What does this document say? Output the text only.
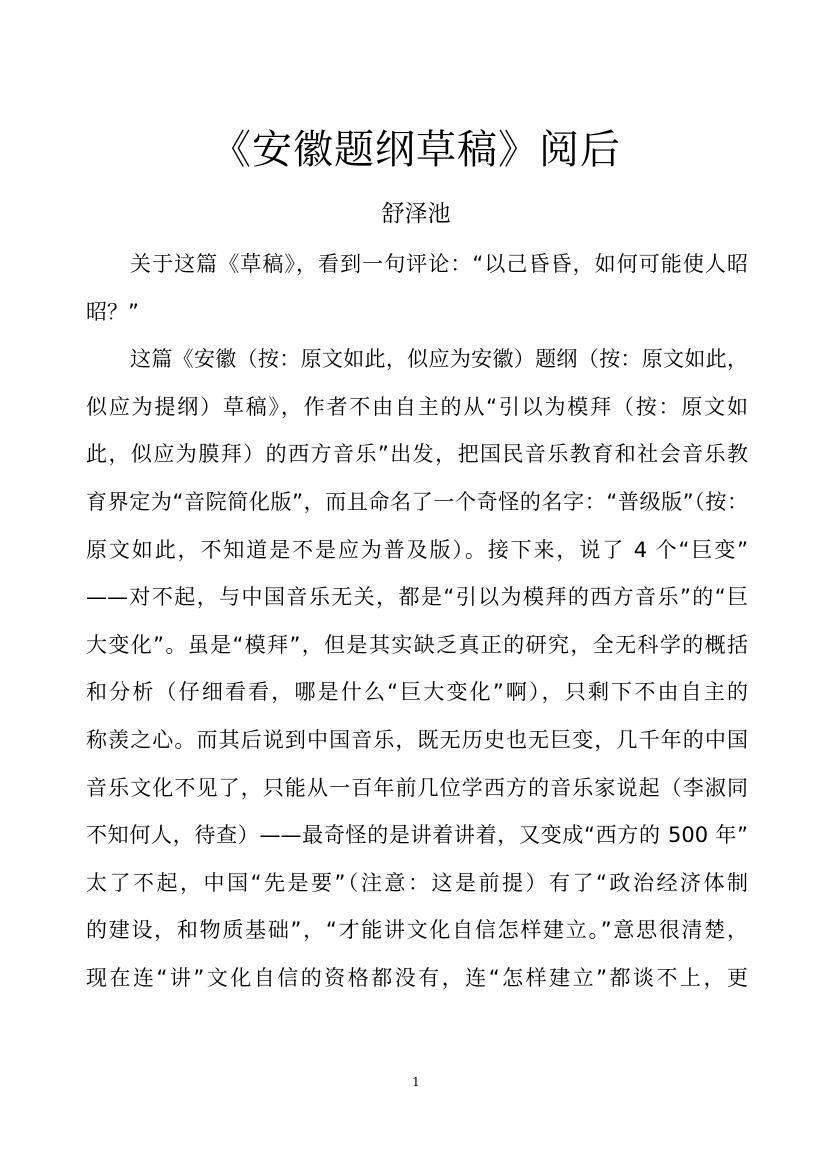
《安徽题纲草稿》阅后
舒泽池
关于这篇《草稿》，看到一句评论：“以己昏昏，如何可能使人昭
昭？”
这篇《安徽（按：原文如此，似应为安徽）题纲（按：原文如此，
似应为提纲）草稿》，作者不由自主的从“引以为模拜（按：原文如
此，似应为膜拜）的西方音乐”出发，把国民音乐教育和社会音乐教
育界定为“音院简化版”，而且命名了一个奇怪的名字：“普级版”（按：
原文如此，不知道是不是应为普及版）。接下来，说了 4 个“巨变”
——对不起，与中国音乐无关，都是“引以为模拜的西方音乐”的“巨
大变化”。虽是“模拜”，但是其实缺乏真正的研究，全无科学的概括
和分析（仔细看看，哪是什么“巨大变化”啊），只剩下不由自主的
称羡之心。而其后说到中国音乐，既无历史也无巨变，几千年的中国
音乐文化不见了，只能从一百年前几位学西方的音乐家说起（李淑同
不知何人，待查）——最奇怪的是讲着讲着，又变成“西方的 500 年”
太了不起，中国“先是要”（注意：这是前提）有了“政治经济体制
的建设，和物质基础”，“才能讲文化自信怎样建立。”意思很清楚，
现在连“讲”文化自信的资格都没有，连“怎样建立”都谈不上，更
1
